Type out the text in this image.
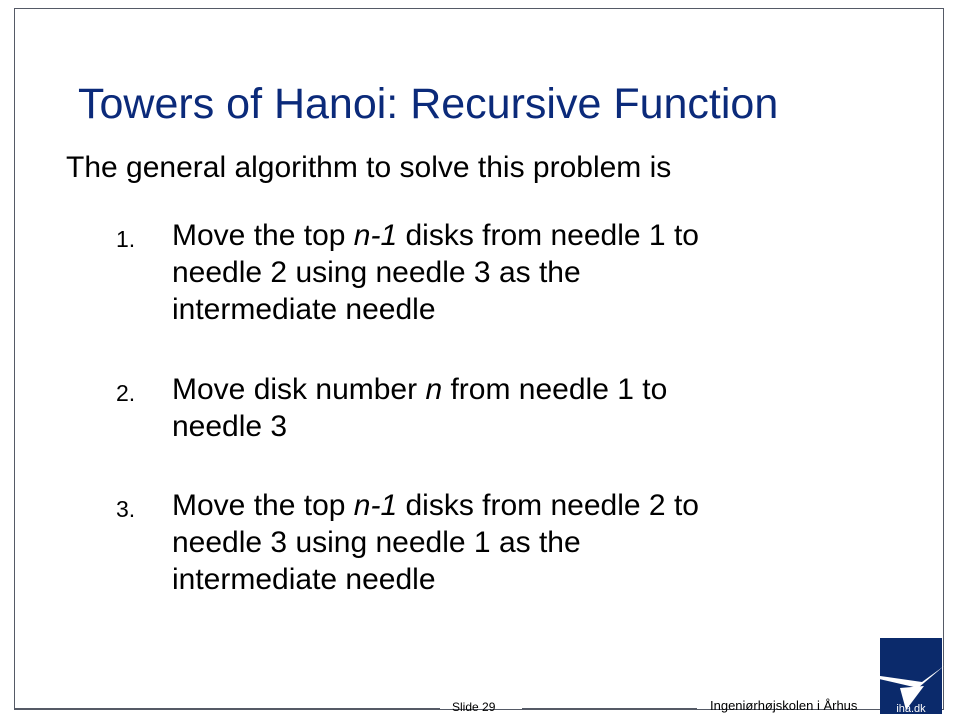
Towers of Hanoi: Recursive Function

The general algorithm to solve this problem is

1. Move the top n-1 disks from needle 1 to
needle 2 using needle 3 as the
intermediate needle
2. Move disk number n from needle 1 to
needle 3
3. Move the top n-1 disks from needle 2 to
needle 3 using needle 1 as the
intermediate needle
Slide 29	Ingeniørhøjskolen i Århus	iha.dk
